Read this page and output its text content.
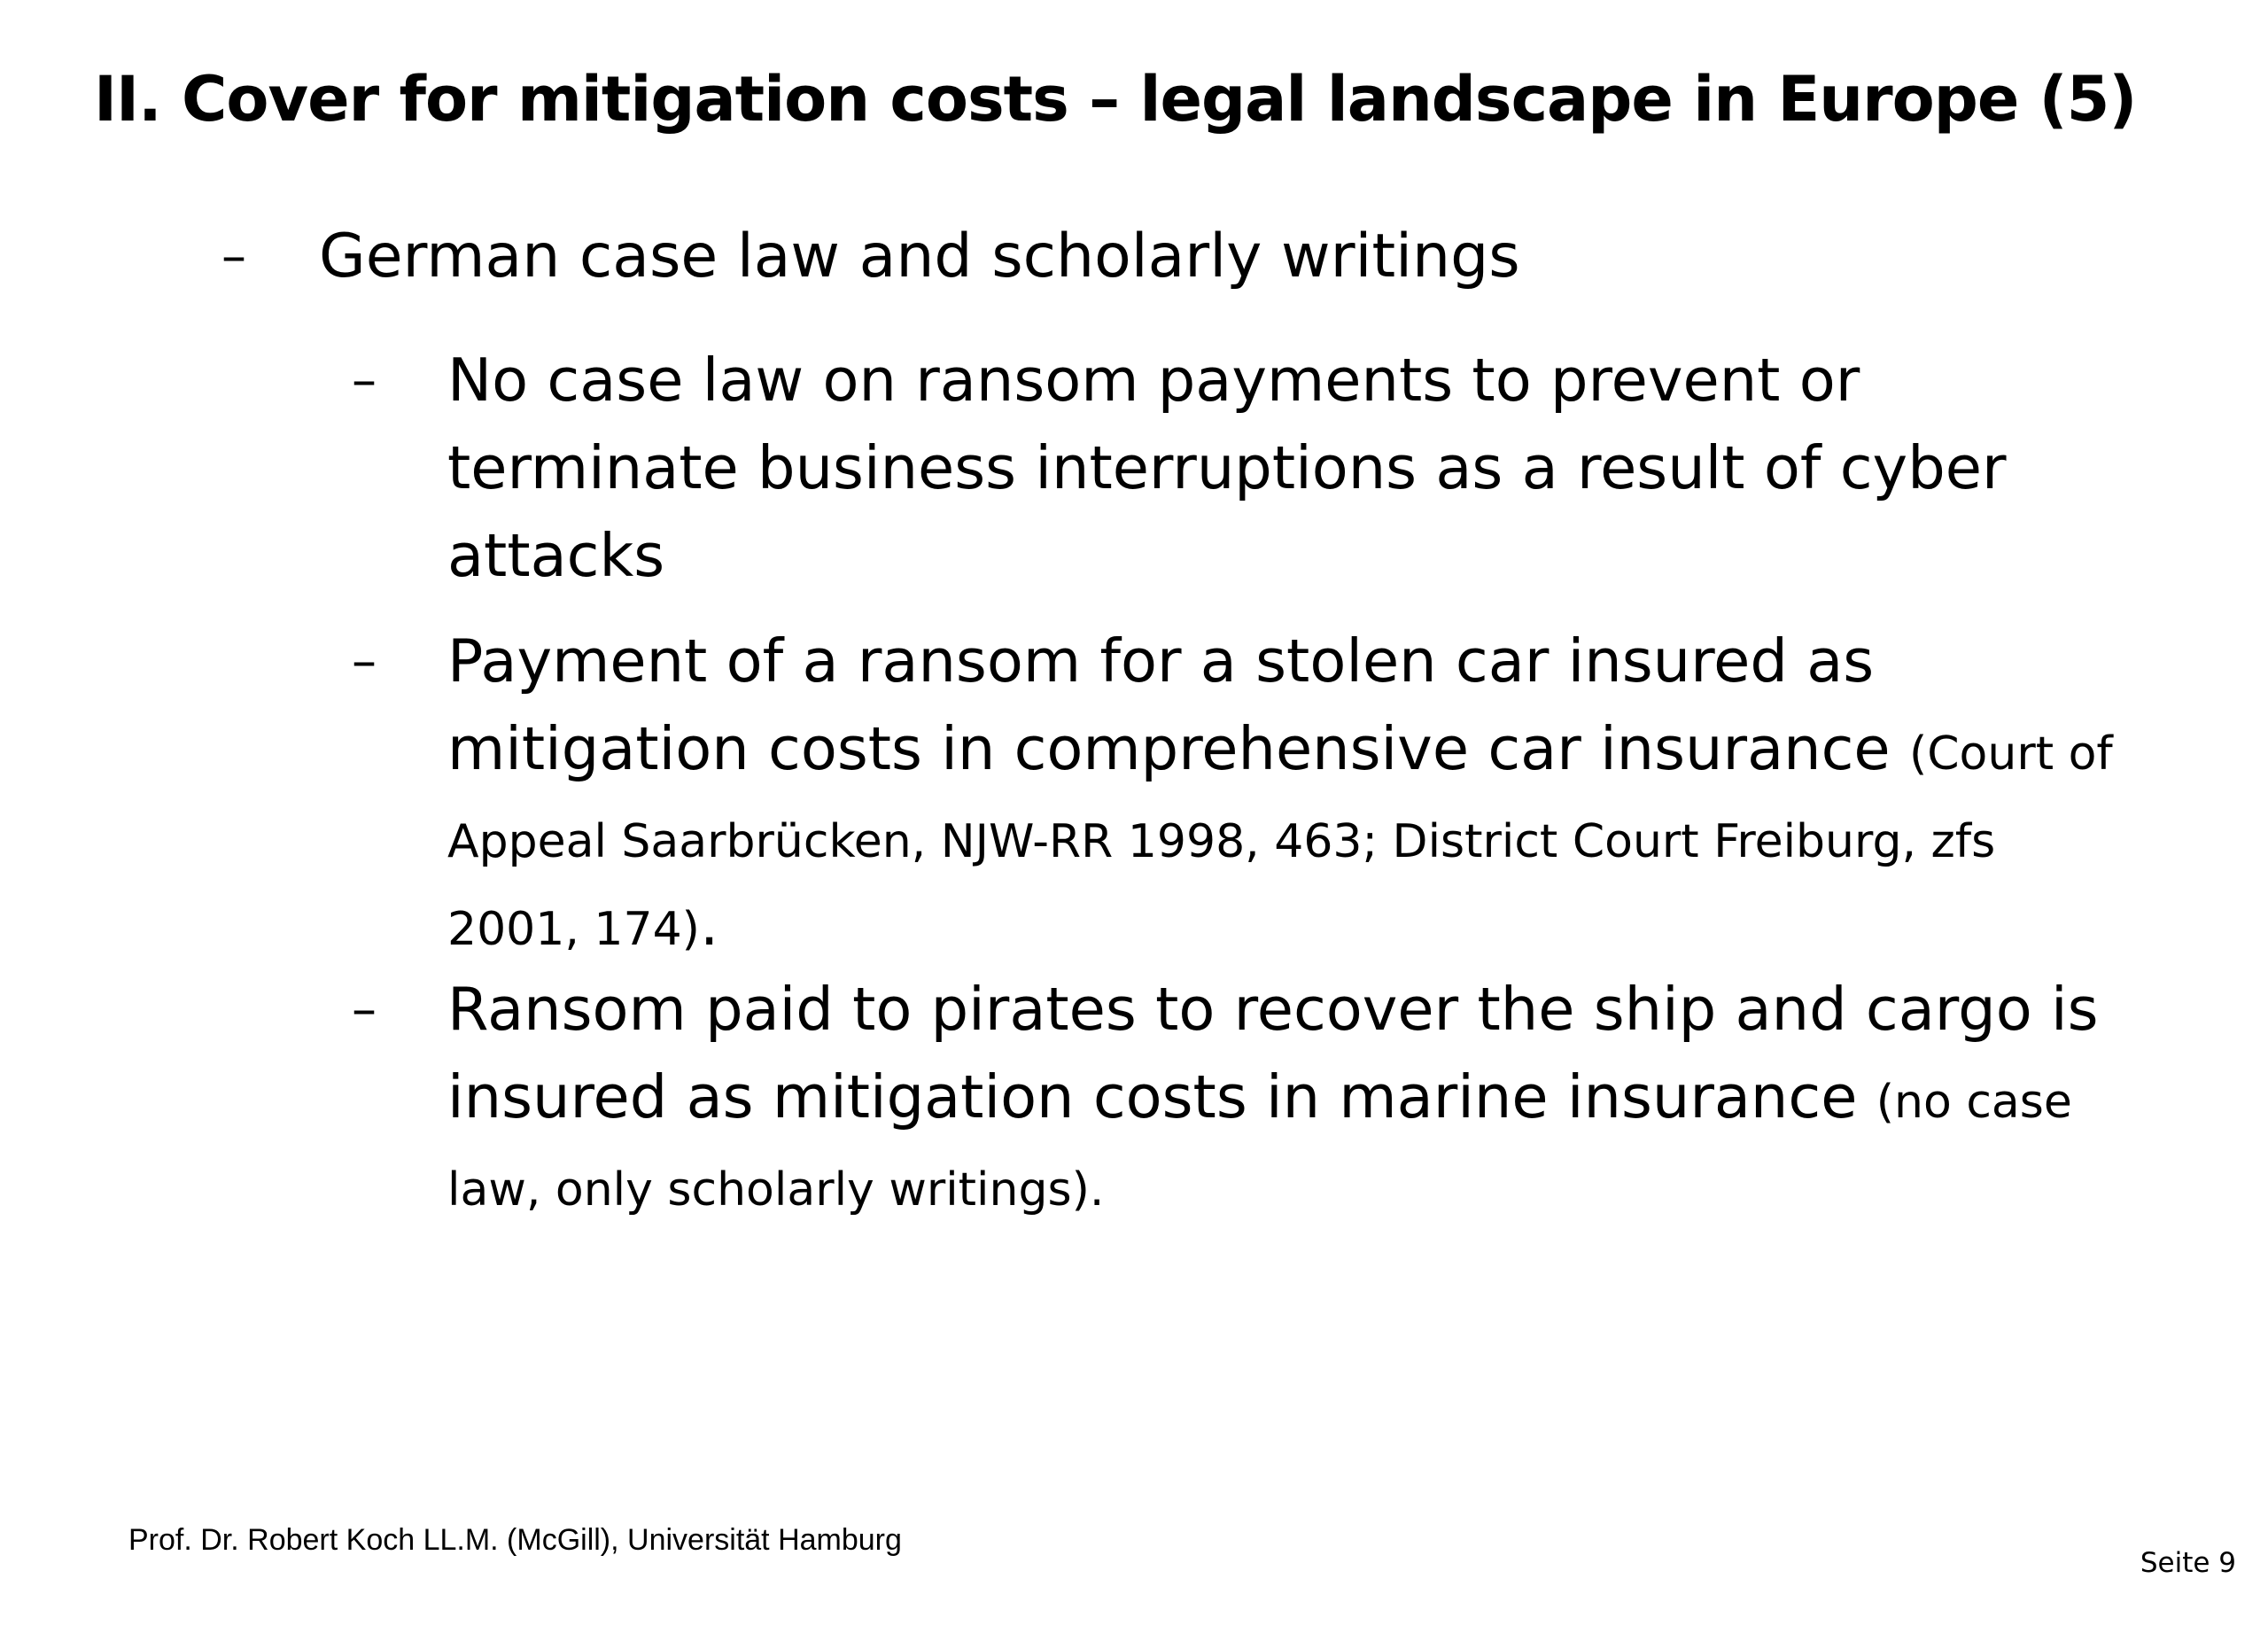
II. Cover for mitigation costs – legal landscape in Europe (5)
– German case law and scholarly writings
– No case law on ransom payments to prevent or terminate business interruptions as a result of cyber attacks
– Payment of a ransom for a stolen car insured as mitigation costs in comprehensive car insurance (Court of Appeal Saarbrücken, NJW-RR 1998, 463; District Court Freiburg, zfs 2001, 174).
– Ransom paid to pirates to recover the ship and cargo is insured as mitigation costs in marine insurance (no case law, only scholarly writings).
Prof. Dr. Robert Koch LL.M. (McGill), Universität Hamburg
Seite 9
